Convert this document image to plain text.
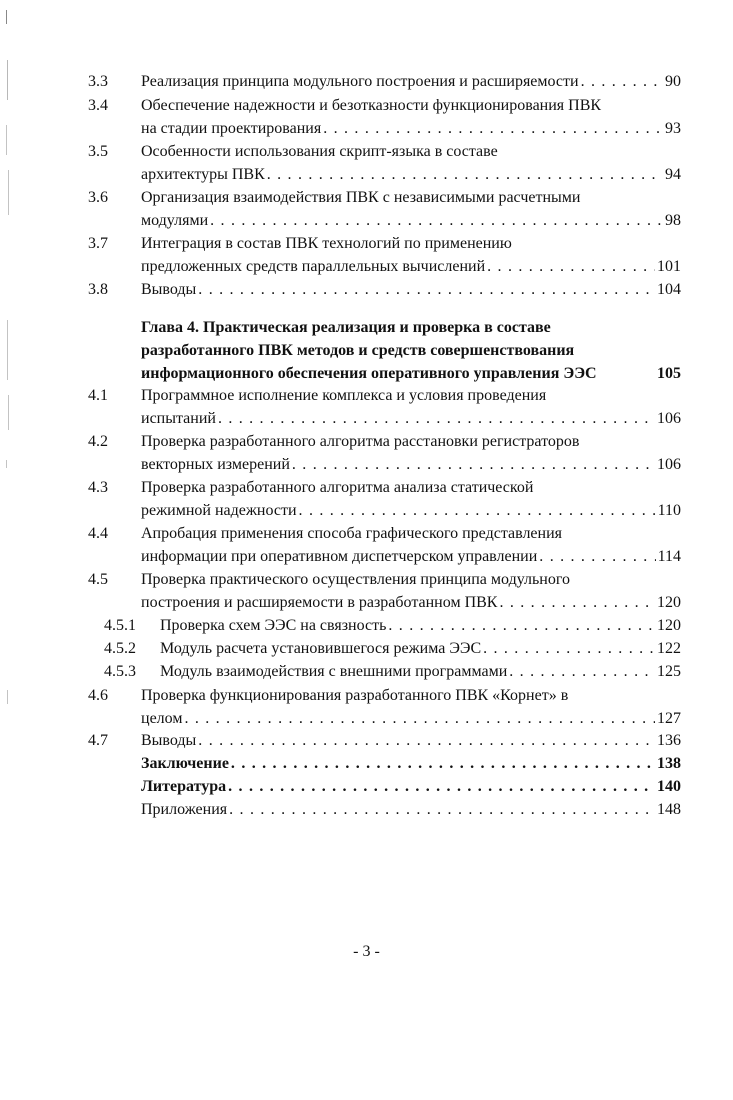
3.3 Реализация принципа модульного построения и расширяемости . . .	90
3.4 Обеспечение надежности и безотказности функционирования ПВК
на стадии проектирования . . .	93
3.5 Особенности использования скрипт-языка в составе
архитектуры ПВК . . .	94
3.6 Организация взаимодействия ПВК с независимыми расчетными
модулями . . .	98
3.7 Интеграция в состав ПВК технологий по применению
предложенных средств параллельных вычислений . . .	101
3.8 Выводы . . .	104
Глава 4. Практическая реализация и проверка в составе
разработанного ПВК методов и средств совершенствования
информационного обеспечения оперативного управления ЭЭС	105
4.1 Программное исполнение комплекса и условия проведения
испытаний . . .	106
4.2 Проверка разработанного алгоритма расстановки регистраторов
векторных измерений . . .	106
4.3 Проверка разработанного алгоритма анализа статической
режимной надежности . . .	110
4.4 Апробация применения способа графического представления
информации при оперативном диспетчерском управлении . . .	114
4.5 Проверка практического осуществления принципа модульного
построения и расширяемости в разработанном ПВК . . .	120
4.5.1 Проверка схем ЭЭС на связность . . .	120
4.5.2 Модуль расчета установившегося режима ЭЭС . . .	122
4.5.3 Модуль взаимодействия с внешними программами . . .	125
4.6 Проверка функционирования разработанного ПВК «Корнет» в
целом . . .	127
4.7 Выводы . . .	136
Заключение . . .	138
Литература . . .	140
Приложения . . .	148
- 3 -
